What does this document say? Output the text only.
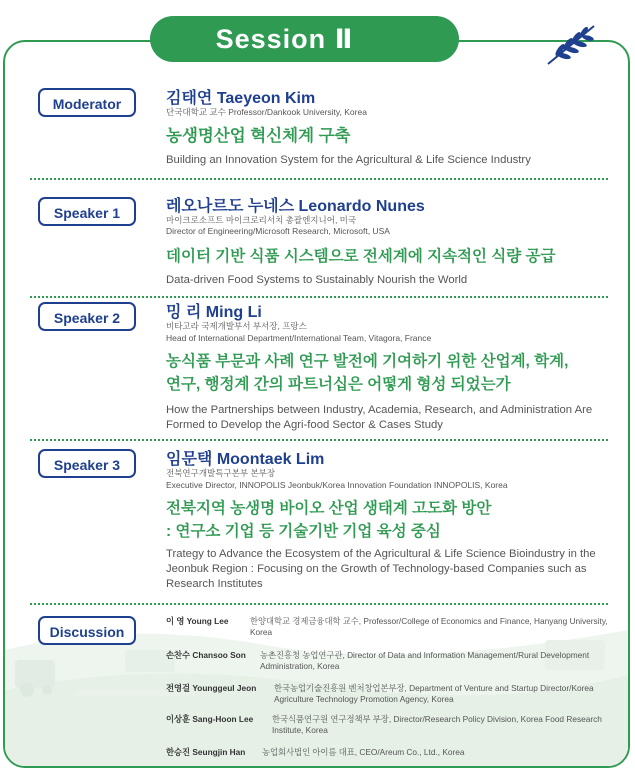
Session Ⅱ
Moderator	김태연 Taeyeon Kim
단국대학교 교수 Professor/Dankook University, Korea
농생명산업 혁신체계 구축
Building an Innovation System for the Agricultural & Life Science Industry
Speaker 1	레오나르도 누네스 Leonardo Nunes
마이크로소프트 마이크로리서치 총괄엔지니어, 미국
Director of Engineering/Microsoft Research, Microsoft, USA
데이터 기반 식품 시스템으로 전세계에 지속적인 식량 공급
Data-driven Food Systems to Sustainably Nourish the World
Speaker 2	밍 리 Ming Li
비타고라 국제개발부서 부서장, 프랑스
Head of International Department/International Team, Vitagora, France
농식품 부문과 사례 연구 발전에 기여하기 위한 산업계, 학계,
연구, 행정계 간의 파트너십은 어떻게 형성 되었는가
How the Partnerships between Industry, Academia, Research, and Administration Are Formed to Develop the Agri-food Sector & Cases Study
Speaker 3	임문택 Moontaek Lim
전북연구개발특구본부 본부장
Executive Director, INNOPOLIS Jeonbuk/Korea Innovation Foundation INNOPOLIS, Korea
전북지역 농생명 바이오 산업 생태계 고도화 방안
: 연구소 기업 등 기술기반 기업 육성 중심
Trategy to Advance the Ecosystem of the Agricultural & Life Science Bioindustry in the Jeonbuk Region : Focusing on the Growth of Technology-based Companies such as Research Institutes
Discussion
이 영 Young Lee	한양대학교 경제금융대학 교수, Professor/College of Economics and Finance, Hanyang University, Korea
손찬수 Chansoo Son 농촌진흥청 농업연구관, Director of Data and Information Management/Rural Development Administration, Korea
전영걸 Younggeul Jeon 한국농업기술진흥원 벤처창업본부장, Department of Venture and Startup Director/Korea Agriculture Technology Promotion Agency, Korea
이상훈 Sang-Hoon Lee 한국식품연구원 연구정책부 부장, Director/Research Policy Division, Korea Food Research Institute, Korea
한승진 Seungjin Han 농업회사법인 아이름 대표, CEO/Areum Co., Ltd., Korea
